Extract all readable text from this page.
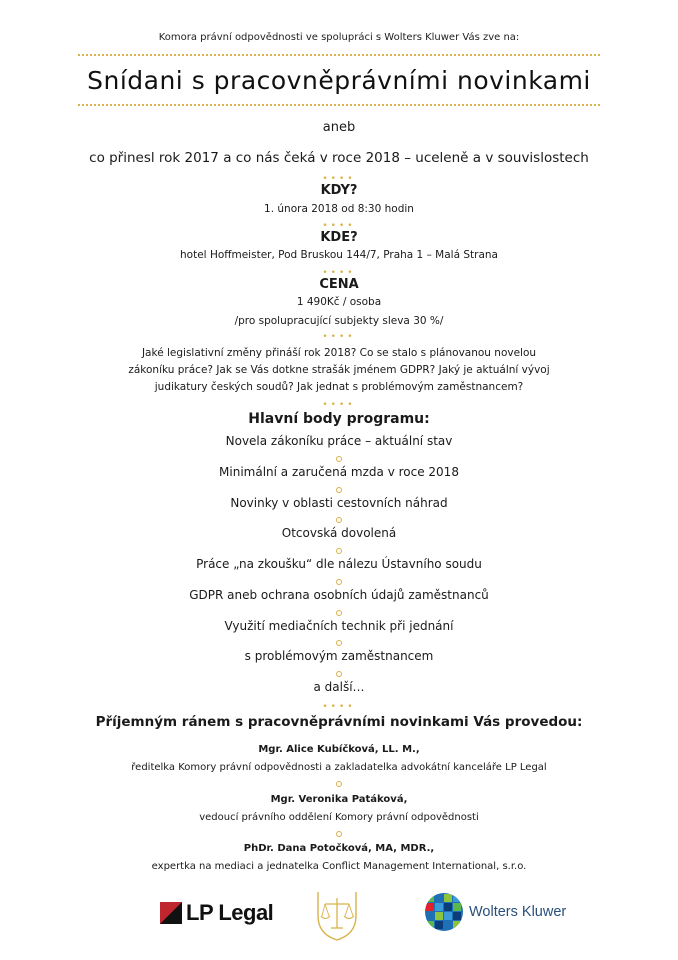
Komora právní odpovědnosti ve spolupráci s Wolters Kluwer Vás zve na:
Snídani s pracovněprávními novinkami
aneb
co přinesl rok 2017 a co nás čeká v roce 2018 – uceleně a v souvislostech
••••
KDY?
1. února 2018 od 8:30 hodin
••••
KDE?
hotel Hoffmeister, Pod Bruskou 144/7, Praha 1 – Malá Strana
••••
CENA
1 490Kč / osoba
/pro spolupracující subjekty sleva 30 %/
••••
Jaké legislativní změny přináší rok 2018? Co se stalo s plánovanou novelou
zákoníku práce? Jak se Vás dotkne strašák jménem GDPR? Jaký je aktuální vývoj
judikatury českých soudů? Jak jednat s problémovým zaměstnancem?
••••
Hlavní body programu:
Novela zákoníku práce – aktuální stav
Minimální a zaručená mzda v roce 2018
Novinky v oblasti cestovních náhrad
Otcovská dovolená
Práce „na zkoušku“ dle nálezu Ústavního soudu
GDPR aneb ochrana osobních údajů zaměstnanců
Využití mediačních technik při jednání
s problémovým zaměstnancem
a další…
••••
Příjemným ránem s pracovněprávními novinkami Vás provedou:
Mgr. Alice Kubíčková, LL. M.,
ředitelka Komory právní odpovědnosti a zakladatelka advokátní kanceláře LP Legal
Mgr. Veronika Patáková,
vedoucí právního oddělení Komory právní odpovědnosti
PhDr. Dana Potočková, MA, MDR.,
expertka na mediaci a jednatelka Conflict Management International, s.r.o.
LP Legal	Wolters Kluwer
